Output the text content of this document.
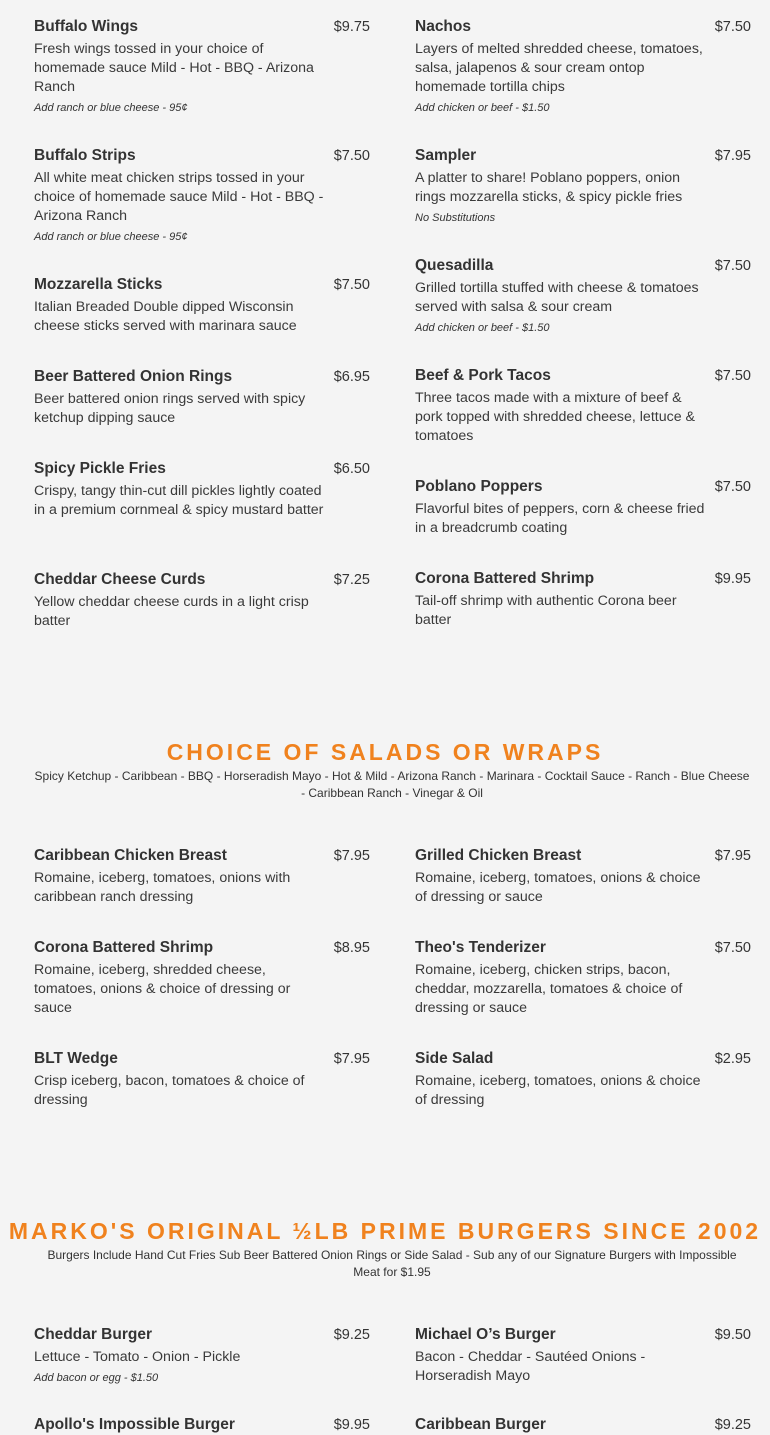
Buffalo Wings	$9.75
Fresh wings tossed in your choice of homemade sauce Mild - Hot - BBQ - Arizona Ranch
Add ranch or blue cheese - 95¢
Buffalo Strips	$7.50
All white meat chicken strips tossed in your choice of homemade sauce Mild - Hot - BBQ - Arizona Ranch
Add ranch or blue cheese - 95¢
Mozzarella Sticks	$7.50
Italian Breaded Double dipped Wisconsin cheese sticks served with marinara sauce
Beer Battered Onion Rings	$6.95
Beer battered onion rings served with spicy ketchup dipping sauce
Spicy Pickle Fries	$6.50
Crispy, tangy thin-cut dill pickles lightly coated in a premium cornmeal & spicy mustard batter
Cheddar Cheese Curds	$7.25
Yellow cheddar cheese curds in a light crisp batter
Nachos	$7.50
Layers of melted shredded cheese, tomatoes, salsa, jalapenos & sour cream ontop homemade tortilla chips
Add chicken or beef - $1.50
Sampler	$7.95
A platter to share! Poblano poppers, onion rings mozzarella sticks, & spicy pickle fries
No Substitutions
Quesadilla	$7.50
Grilled tortilla stuffed with cheese & tomatoes served with salsa & sour cream
Add chicken or beef - $1.50
Beef & Pork Tacos	$7.50
Three tacos made with a mixture of beef & pork topped with shredded cheese, lettuce & tomatoes
Poblano Poppers	$7.50
Flavorful bites of peppers, corn & cheese fried in a breadcrumb coating
Corona Battered Shrimp	$9.95
Tail-off shrimp with authentic Corona beer batter
CHOICE OF SALADS OR WRAPS
Spicy Ketchup - Caribbean - BBQ - Horseradish Mayo - Hot & Mild - Arizona Ranch - Marinara - Cocktail Sauce - Ranch - Blue Cheese - Caribbean Ranch - Vinegar & Oil
Caribbean Chicken Breast	$7.95
Romaine, iceberg, tomatoes, onions with caribbean ranch dressing
Corona Battered Shrimp	$8.95
Romaine, iceberg, shredded cheese, tomatoes, onions & choice of dressing or sauce
BLT Wedge	$7.95
Crisp iceberg, bacon, tomatoes & choice of dressing
Grilled Chicken Breast	$7.95
Romaine, iceberg, tomatoes, onions & choice of dressing or sauce
Theo's Tenderizer	$7.50
Romaine, iceberg, chicken strips, bacon, cheddar, mozzarella, tomatoes & choice of dressing or sauce
Side Salad	$2.95
Romaine, iceberg, tomatoes, onions & choice of dressing
MARKO'S ORIGINAL ½LB PRIME BURGERS SINCE 2002
Burgers Include Hand Cut Fries Sub Beer Battered Onion Rings or Side Salad - Sub any of our Signature Burgers with Impossible Meat for $1.95
Cheddar Burger	$9.25
Lettuce - Tomato - Onion - Pickle
Add bacon or egg - $1.50
Apollo's Impossible Burger	$9.95
Michael O’s Burger	$9.50
Bacon - Cheddar - Sautéed Onions - Horseradish Mayo
Caribbean Burger	$9.25
